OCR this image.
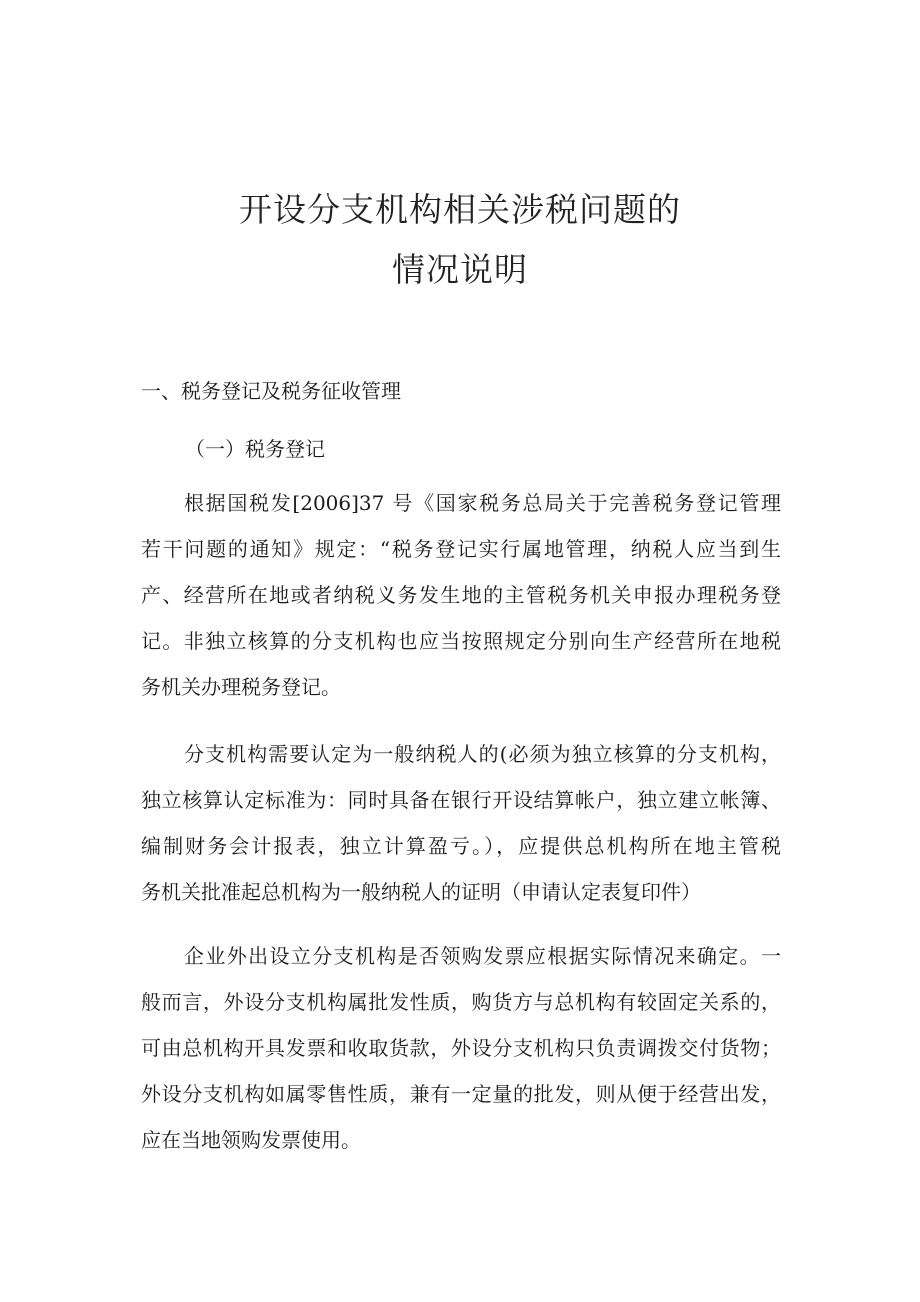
开设分支机构相关涉税问题的
情况说明
一、税务登记及税务征收管理
（一）税务登记
根据国税发[2006]37 号《国家税务总局关于完善税务登记管理
若干问题的通知》规定：“税务登记实行属地管理，纳税人应当到生
产、经营所在地或者纳税义务发生地的主管税务机关申报办理税务登
记。非独立核算的分支机构也应当按照规定分别向生产经营所在地税
务机关办理税务登记。
分支机构需要认定为一般纳税人的(必须为独立核算的分支机构，
独立核算认定标准为：同时具备在银行开设结算帐户，独立建立帐簿、
编制财务会计报表，独立计算盈亏。），应提供总机构所在地主管税
务机关批准起总机构为一般纳税人的证明（申请认定表复印件）
企业外出设立分支机构是否领购发票应根据实际情况来确定。一
般而言，外设分支机构属批发性质，购货方与总机构有较固定关系的，
可由总机构开具发票和收取货款，外设分支机构只负责调拨交付货物；
外设分支机构如属零售性质，兼有一定量的批发，则从便于经营出发，
应在当地领购发票使用。
